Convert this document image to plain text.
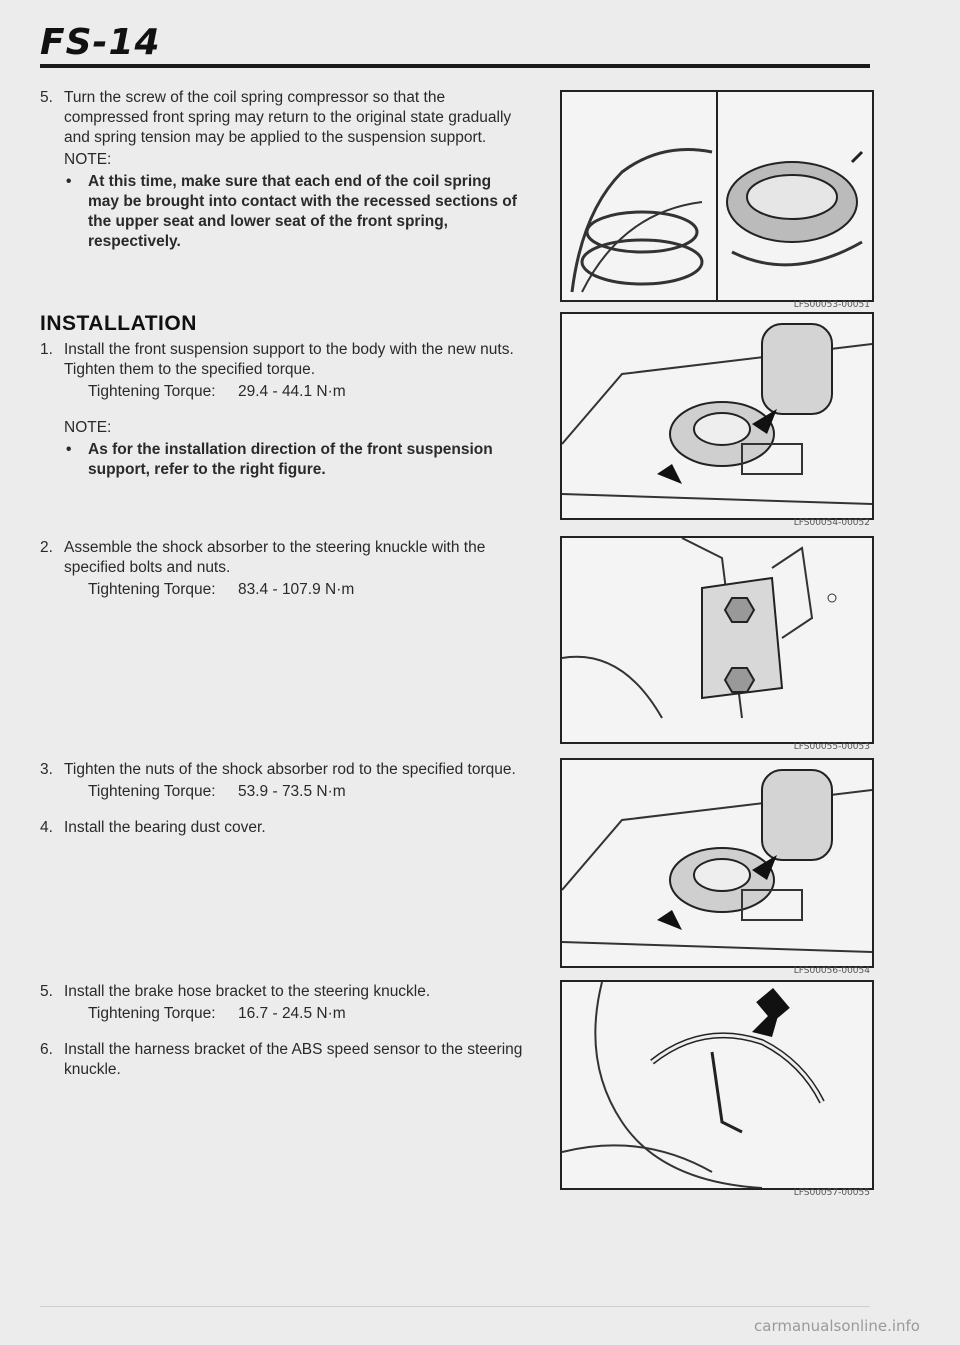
FS-14
5. Turn the screw of the coil spring compressor so that the compressed front spring may return to the original state gradually and spring tension may be applied to the suspension support.
NOTE:
•	At this time, make sure that each end of the coil spring may be brought into contact with the recessed sections of the upper seat and lower seat of the front spring, respectively.
INSTALLATION
1. Install the front suspension support to the body with the new nuts. Tighten them to the specified torque.
Tightening Torque: 29.4 - 44.1 N·m
NOTE:
•	As for the installation direction of the front suspension support, refer to the right figure.
2. Assemble the shock absorber to the steering knuckle with the specified bolts and nuts.
Tightening Torque: 83.4 - 107.9 N·m
3. Tighten the nuts of the shock absorber rod to the specified torque.
Tightening Torque: 53.9 - 73.5 N·m
4. Install the bearing dust cover.
5. Install the brake hose bracket to the steering knuckle.
Tightening Torque: 16.7 - 24.5 N·m
6. Install the harness bracket of the ABS speed sensor to the steering knuckle.
LFS00053-00051
LFS00054-00052
LFS00055-00053
LFS00056-00054
LFS00057-00055
carmanualsonline.info
